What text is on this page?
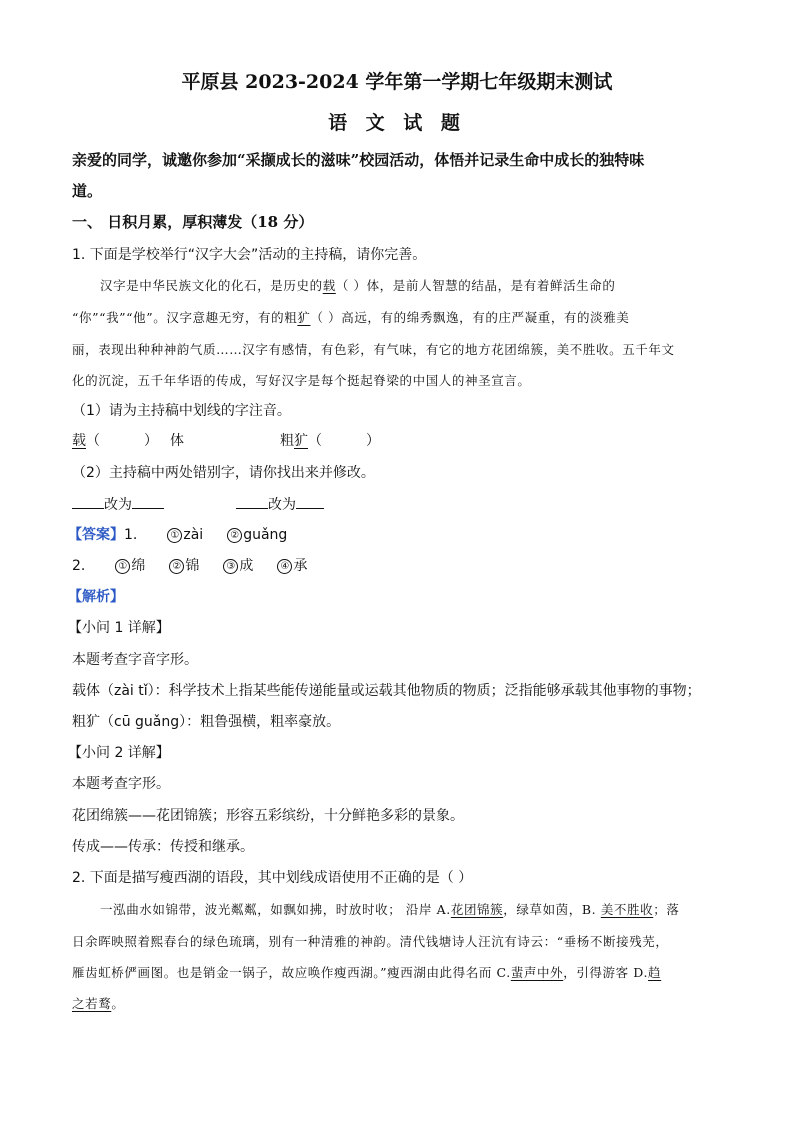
平原县 2023-2024 学年第一学期七年级期末测试
语 文 试 题
亲爱的同学，诚邀你参加“采撷成长的滋味”校园活动，体悟并记录生命中成长的独特味
道。
一、 日积月累，厚积薄发（18 分）
1. 下面是学校举行“汉字大会”活动的主持稿，请你完善。
汉字是中华民族文化的化石，是历史的载（ ）体，是前人智慧的结晶，是有着鲜活生命的
“你”“我”“他”。汉字意趣无穷，有的粗犷（ ）高远，有的绵秀飘逸，有的庄严凝重，有的淡雅美
丽，表现出种种神韵气质……汉字有感情，有色彩，有气味，有它的地方花团绵簇，美不胜收。五千年文
化的沉淀，五千年华语的传成，写好汉字是每个挺起脊梁的中国人的神圣宣言。
（1）请为主持稿中划线的字注音。
载（	） 体	粗犷（	）
（2）主持稿中两处错别字，请你找出来并修改。
改为	改为
【答案】1.	① zài	② guǎng
2.	① 绵	② 锦	③ 成	④ 承
【解析】
【小问 1 详解】
本题考查字音字形。
载体（zài tǐ）：科学技术上指某些能传递能量或运载其他物质的物质；泛指能够承载其他事物的事物；
粗犷（cū guǎng）：粗鲁强横，粗率豪放。
【小问 2 详解】
本题考查字形。
花团绵簇——花团锦簇；形容五彩缤纷，十分鲜艳多彩的景象。
传成——传承：传授和继承。
2. 下面是描写瘦西湖的语段，其中划线成语使用不正确的是（ ）
一泓曲水如锦带，波光粼粼，如飘如拂，时放时收； 沿岸 A.花团锦簇，绿草如茵，B. 美不胜收；落
日余晖映照着熙春台的绿色琉璃，别有一种清雅的神韵。清代钱塘诗人汪沆有诗云：“垂杨不断接残芜，
雁齿虹桥俨画图。也是销金一锅子，故应唤作瘦西湖。”瘦西湖由此得名而 C.蜚声中外，引得游客 D.趋
之若鹜。
